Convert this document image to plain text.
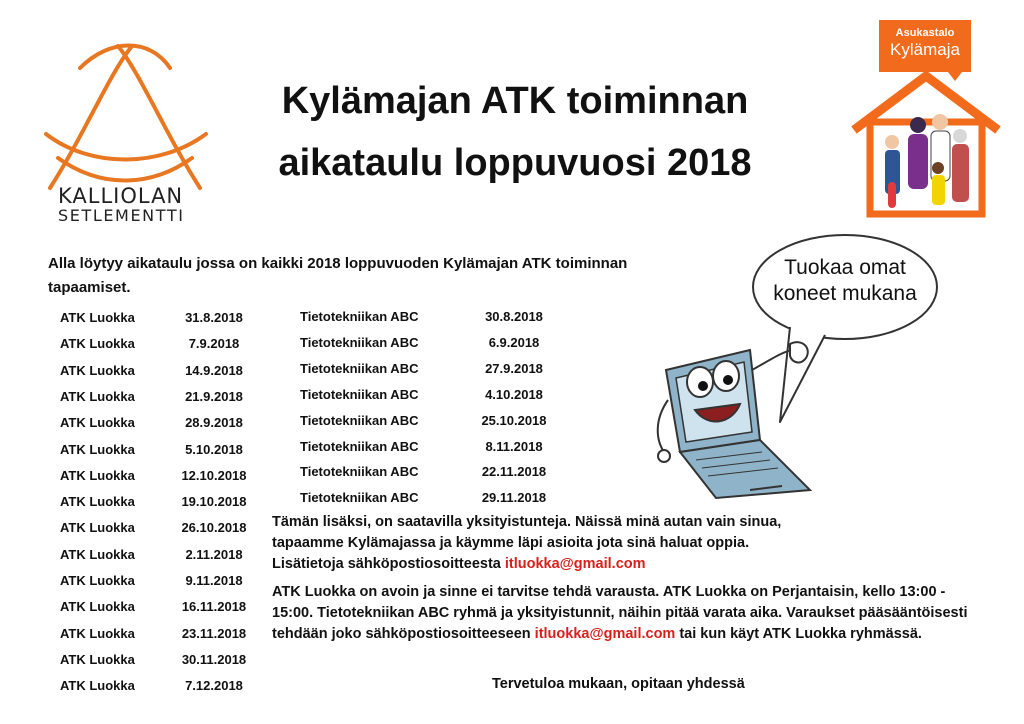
KALLIOLAN
SETLEMENTTI
Kylämajan ATK toiminnan
aikataulu loppuvuosi 2018
Asukastalo
Kylämaja
Alla löytyy aikataulu jossa on kaikki 2018 loppuvuoden Kylämajan ATK toiminnan tapaamiset.
ATK Luokka	31.8.2018
ATK Luokka	7.9.2018
ATK Luokka	14.9.2018
ATK Luokka	21.9.2018
ATK Luokka	28.9.2018
ATK Luokka	5.10.2018
ATK Luokka	12.10.2018
ATK Luokka	19.10.2018
ATK Luokka	26.10.2018
ATK Luokka	2.11.2018
ATK Luokka	9.11.2018
ATK Luokka	16.11.2018
ATK Luokka	23.11.2018
ATK Luokka	30.11.2018
ATK Luokka	7.12.2018
Tietotekniikan ABC	30.8.2018
Tietotekniikan ABC	6.9.2018
Tietotekniikan ABC	27.9.2018
Tietotekniikan ABC	4.10.2018
Tietotekniikan ABC	25.10.2018
Tietotekniikan ABC	8.11.2018
Tietotekniikan ABC	22.11.2018
Tietotekniikan ABC	29.11.2018
Tuokaa omat koneet mukana
Tämän lisäksi, on saatavilla yksityistunteja. Näissä minä autan vain sinua, tapaamme Kylämajassa ja käymme läpi asioita jota sinä haluat oppia. Lisätietoja sähköpostiosoitteesta itluokka@gmail.com
ATK Luokka on avoin ja sinne ei tarvitse tehdä varausta. ATK Luokka on Perjantaisin, kello 13:00 - 15:00. Tietotekniikan ABC ryhmä ja yksityistunnit, näihin pitää varata aika. Varaukset pääsääntöisesti tehdään joko sähköpostiosoitteeseen itluokka@gmail.com tai kun käyt ATK Luokka ryhmässä.
Tervetuloa mukaan, opitaan yhdessä
